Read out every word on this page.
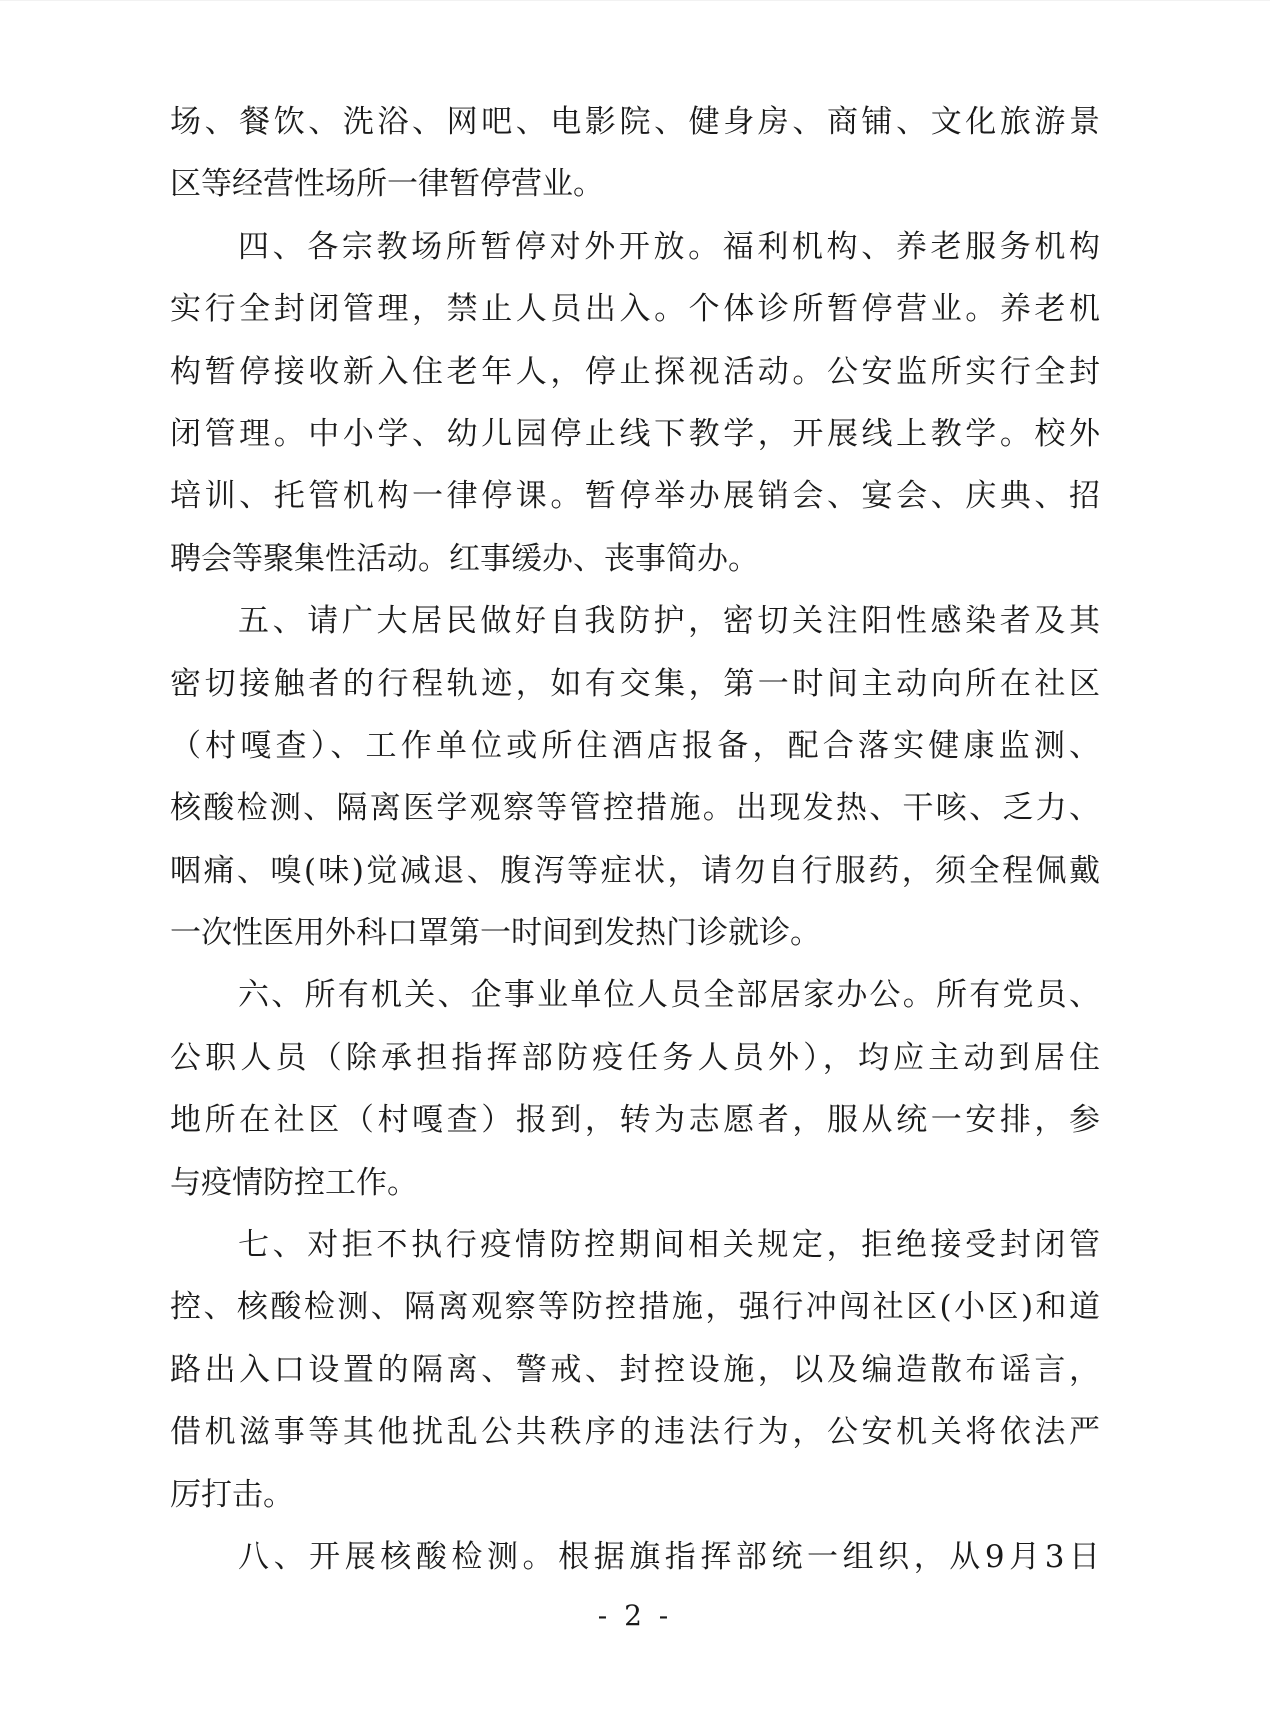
场、餐饮、洗浴、网吧、电影院、健身房、商铺、文化旅游景
区等经营性场所一律暂停营业。
四、各宗教场所暂停对外开放。福利机构、养老服务机构
实行全封闭管理，禁止人员出入。个体诊所暂停营业。养老机
构暂停接收新入住老年人，停止探视活动。公安监所实行全封
闭管理。中小学、幼儿园停止线下教学，开展线上教学。校外
培训、托管机构一律停课。暂停举办展销会、宴会、庆典、招
聘会等聚集性活动。红事缓办、丧事简办。
五、请广大居民做好自我防护，密切关注阳性感染者及其
密切接触者的行程轨迹，如有交集，第一时间主动向所在社区
（村嘎查）、工作单位或所住酒店报备，配合落实健康监测、
核酸检测、隔离医学观察等管控措施。出现发热、干咳、乏力、
咽痛、嗅(味)觉减退、腹泻等症状，请勿自行服药，须全程佩戴
一次性医用外科口罩第一时间到发热门诊就诊。
六、所有机关、企事业单位人员全部居家办公。所有党员、
公职人员（除承担指挥部防疫任务人员外），均应主动到居住
地所在社区（村嘎查）报到，转为志愿者，服从统一安排，参
与疫情防控工作。
七、对拒不执行疫情防控期间相关规定，拒绝接受封闭管
控、核酸检测、隔离观察等防控措施，强行冲闯社区(小区)和道
路出入口设置的隔离、警戒、封控设施，以及编造散布谣言，
借机滋事等其他扰乱公共秩序的违法行为，公安机关将依法严
厉打击。
八、开展核酸检测。根据旗指挥部统一组织，从9月3日
- 2 -
